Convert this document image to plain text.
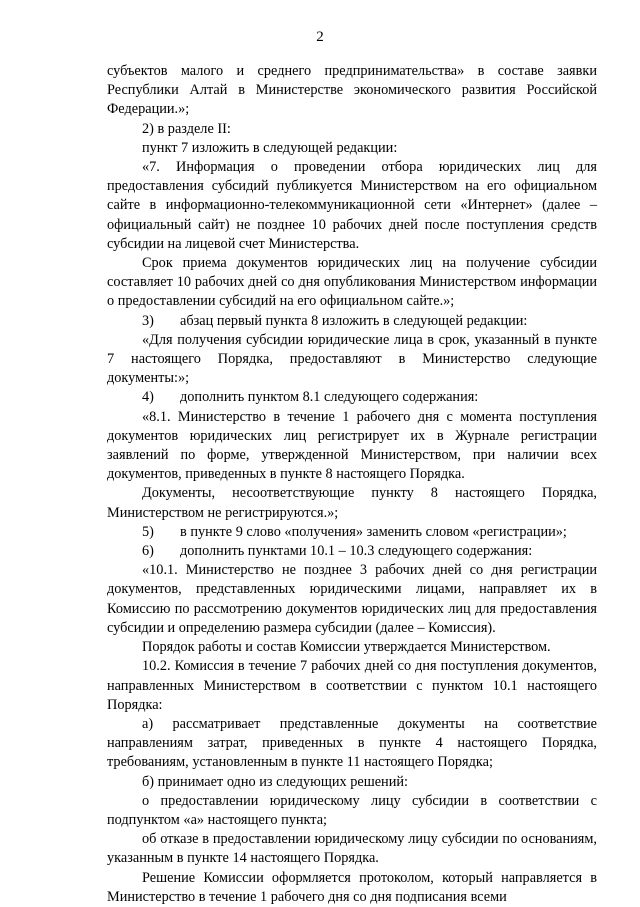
2

субъектов малого и среднего предпринимательства» в составе заявки Республики Алтай в Министерстве экономического развития Российской Федерации.»;

2) в разделе II:

пункт 7 изложить в следующей редакции:

«7. Информация о проведении отбора юридических лиц для предоставления субсидий публикуется Министерством на его официальном сайте в информационно-телекоммуникационной сети «Интернет» (далее – официальный сайт) не позднее 10 рабочих дней после поступления средств субсидии на лицевой счет Министерства.

Срок приема документов юридических лиц на получение субсидии составляет 10 рабочих дней со дня опубликования Министерством информации о предоставлении субсидий на его официальном сайте.»;

3) абзац первый пункта 8 изложить в следующей редакции:

«Для получения субсидии юридические лица в срок, указанный в пункте 7 настоящего Порядка, предоставляют в Министерство следующие документы:»;

4) дополнить пунктом 8.1 следующего содержания:

«8.1. Министерство в течение 1 рабочего дня с момента поступления документов юридических лиц регистрирует их в Журнале регистрации заявлений по форме, утвержденной Министерством, при наличии всех документов, приведенных в пункте 8 настоящего Порядка.

Документы, несоответствующие пункту 8 настоящего Порядка, Министерством не регистрируются.»;

5) в пункте 9 слово «получения» заменить словом «регистрации»;

6) дополнить пунктами 10.1 – 10.3 следующего содержания:

«10.1. Министерство не позднее 3 рабочих дней со дня регистрации документов, представленных юридическими лицами, направляет их в Комиссию по рассмотрению документов юридических лиц для предоставления субсидии и определению размера субсидии (далее – Комиссия).

Порядок работы и состав Комиссии утверждается Министерством.

10.2. Комиссия в течение 7 рабочих дней со дня поступления документов, направленных Министерством в соответствии с пунктом 10.1 настоящего Порядка:

а) рассматривает представленные документы на соответствие направлениям затрат, приведенных в пункте 4 настоящего Порядка, требованиям, установленным в пункте 11 настоящего Порядка;

б) принимает одно из следующих решений:

о предоставлении юридическому лицу субсидии в соответствии с подпунктом «а» настоящего пункта;

об отказе в предоставлении юридическому лицу субсидии по основаниям, указанным в пункте 14 настоящего Порядка.

Решение Комиссии оформляется протоколом, который направляется в Министерство в течение 1 рабочего дня со дня подписания всеми
